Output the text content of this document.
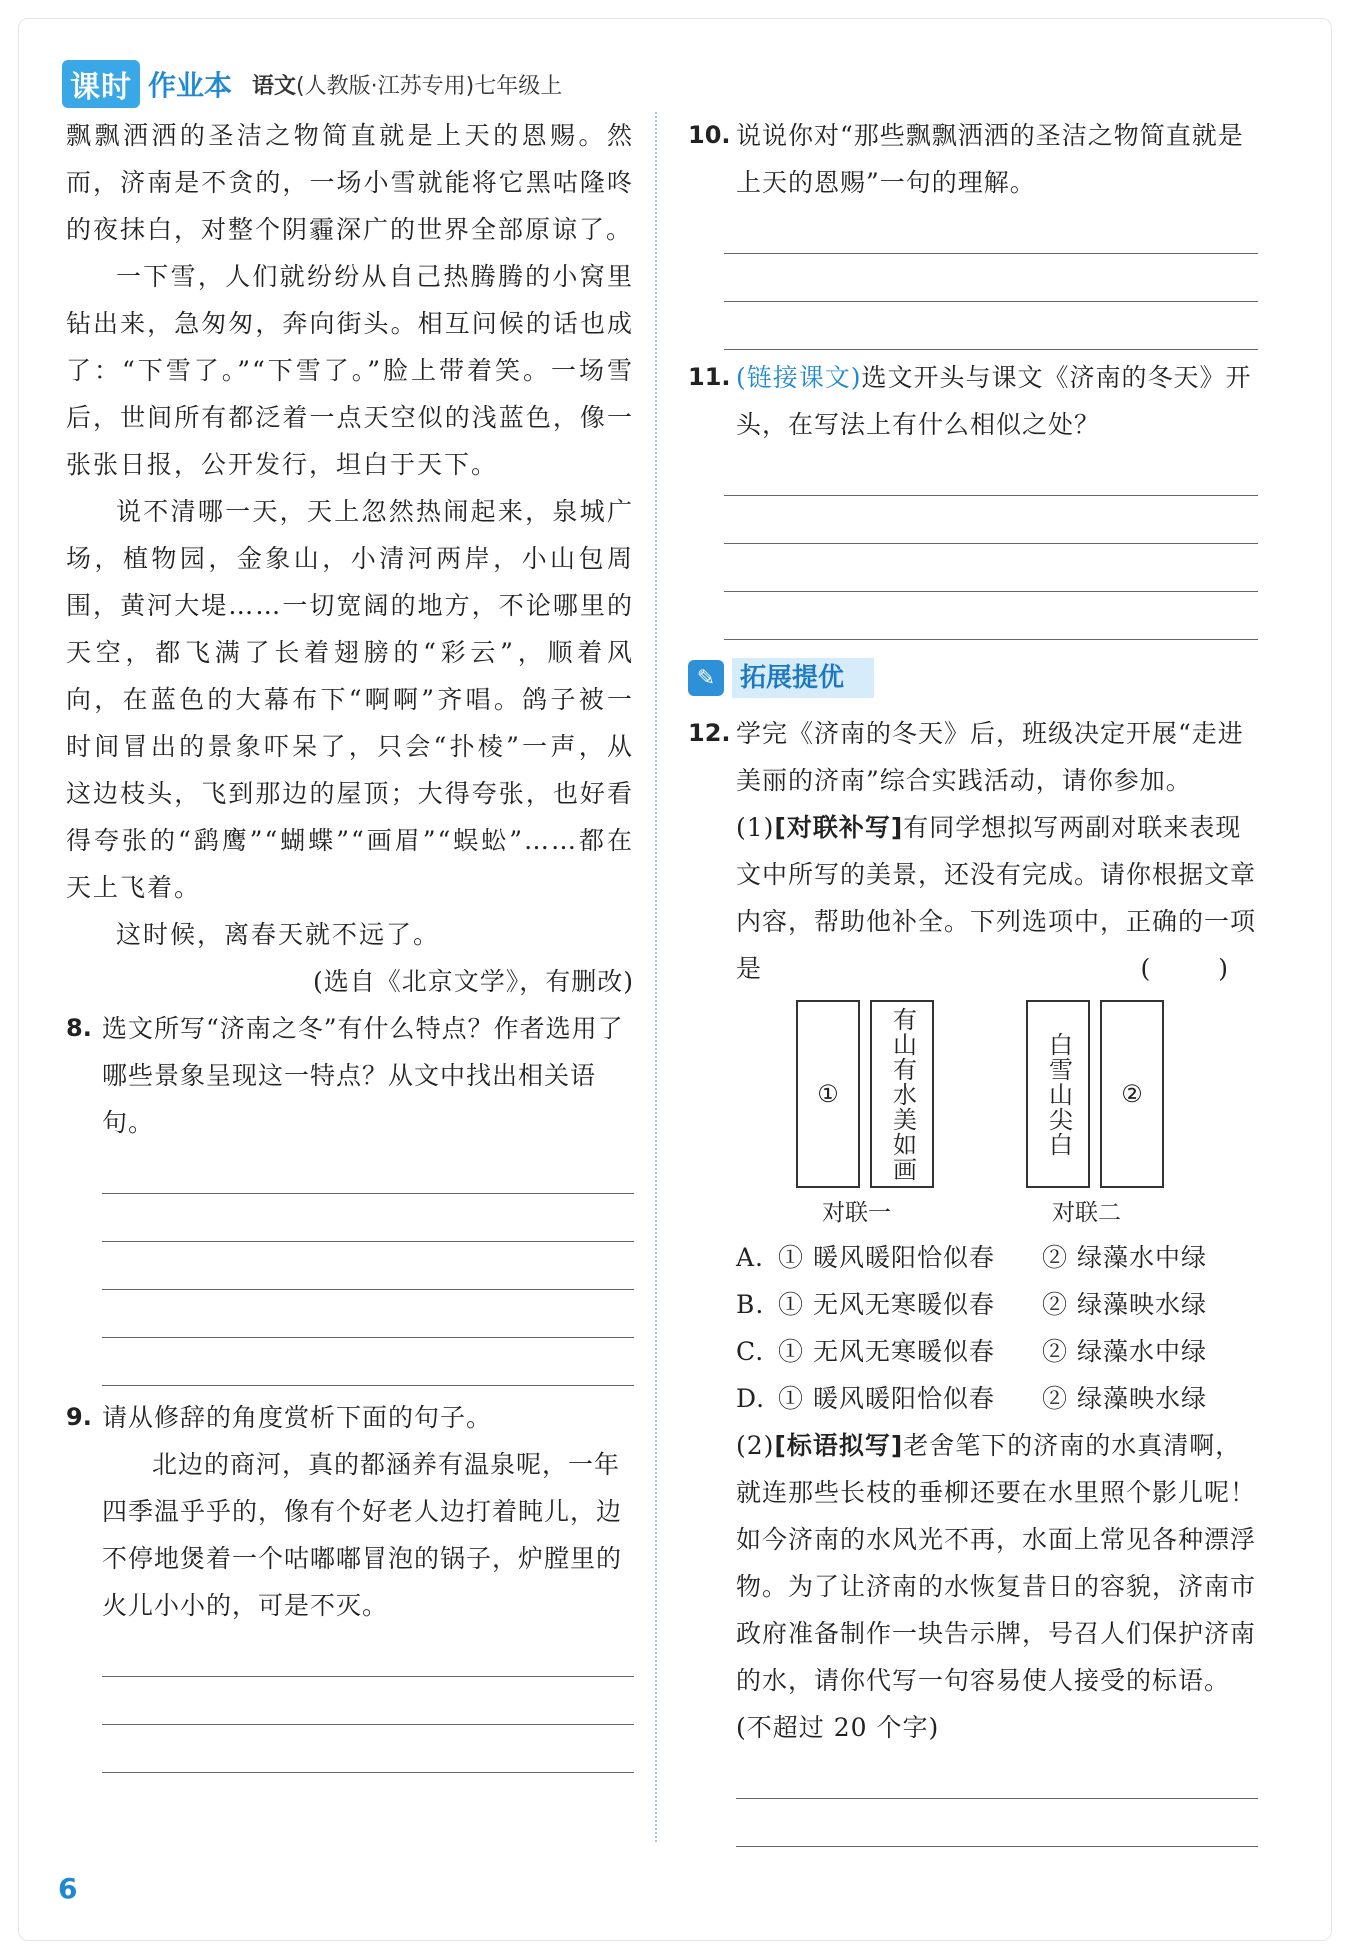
课时 作业本 语文(人教版·江苏专用)七年级上

飘飘洒洒的圣洁之物简直就是上天的恩赐。然而，济南是不贪的，一场小雪就能将它黑咕隆咚的夜抹白，对整个阴霾深广的世界全部原谅了。

一下雪，人们就纷纷从自己热腾腾的小窝里钻出来，急匆匆，奔向街头。相互问候的话也成了：“下雪了。”“下雪了。”脸上带着笑。一场雪后，世间所有都泛着一点天空似的浅蓝色，像一张张日报，公开发行，坦白于天下。

说不清哪一天，天上忽然热闹起来，泉城广场，植物园，金象山，小清河两岸，小山包周围，黄河大堤……一切宽阔的地方，不论哪里的天空，都飞满了长着翅膀的“彩云”，顺着风向，在蓝色的大幕布下“啊啊”齐唱。鸽子被一时间冒出的景象吓呆了，只会“扑棱”一声，从这边枝头，飞到那边的屋顶；大得夸张，也好看得夸张的“鹞鹰”“蝴蝶”“画眉”“蜈蚣”……都在天上飞着。

这时候，离春天就不远了。

(选自《北京文学》，有删改)

8. 选文所写“济南之冬”有什么特点？作者选用了哪些景象呈现这一特点？从文中找出相关语句。
9. 请从修辞的角度赏析下面的句子。
北边的商河，真的都涵养有温泉呢，一年四季温乎乎的，像有个好老人边打着盹儿，边不停地煲着一个咕嘟嘟冒泡的锅子，炉膛里的火儿小小的，可是不灭。
10. 说说你对“那些飘飘洒洒的圣洁之物简直就是上天的恩赐”一句的理解。
11. (链接课文)选文开头与课文《济南的冬天》开头，在写法上有什么相似之处？
✎ 拓展提优
12. 学完《济南的冬天》后，班级决定开展“走进美丽的济南”综合实践活动，请你参加。
(1)[对联补写]有同学想拟写两副对联来表现文中所写的美景，还没有完成。请你根据文章内容，帮助他补全。下列选项中，正确的一项是	( )
① 有山有水美如画
对联一
白雪山尖白 ②
对联二
A. ① 暖风暖阳恰似春	② 绿藻水中绿
B. ① 无风无寒暖似春	② 绿藻映水绿
C. ① 无风无寒暖似春	② 绿藻水中绿
D. ① 暖风暖阳恰似春	② 绿藻映水绿
(2)[标语拟写]老舍笔下的济南的水真清啊，就连那些长枝的垂柳还要在水里照个影儿呢！如今济南的水风光不再，水面上常见各种漂浮物。为了让济南的水恢复昔日的容貌，济南市政府准备制作一块告示牌，号召人们保护济南的水，请你代写一句容易使人接受的标语。(不超过 20 个字)
6
